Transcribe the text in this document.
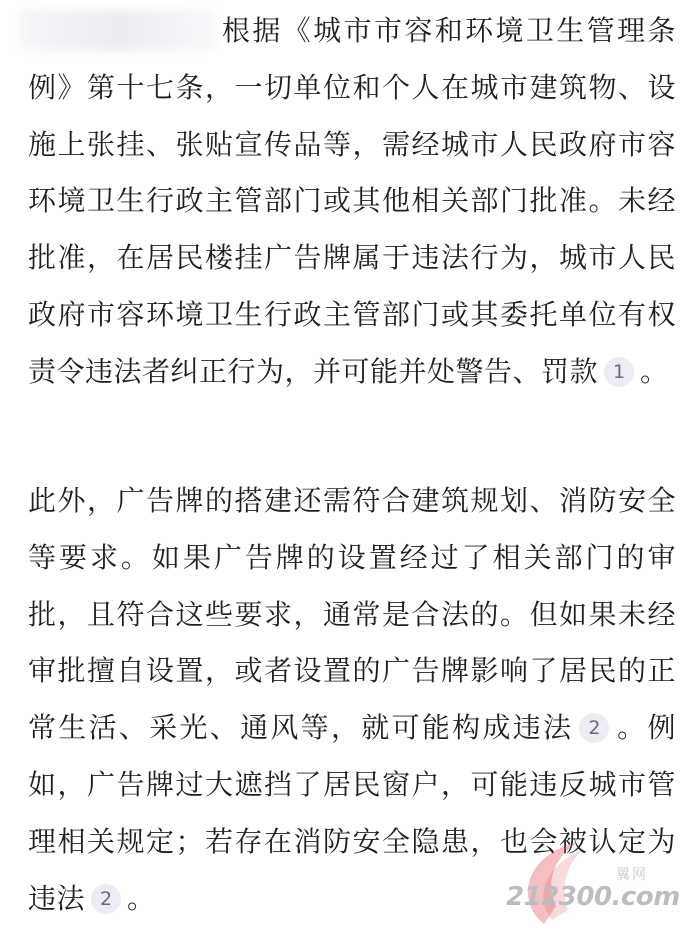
根据《城市市容和环境卫生管理条例》第十七条，一切单位和个人在城市建筑物、设施上张挂、张贴宣传品等，需经城市人民政府市容环境卫生行政主管部门或其他相关部门批准。未经批准，在居民楼挂广告牌属于违法行为，城市人民政府市容环境卫生行政主管部门或其委托单位有权责令违法者纠正行为，并可能并处警告、罚款 1 。

此外，广告牌的搭建还需符合建筑规划、消防安全等要求。如果广告牌的设置经过了相关部门的审批，且符合这些要求，通常是合法的。但如果未经审批擅自设置，或者设置的广告牌影响了居民的正常生活、采光、通风等，就可能构成违法 2 。例如，广告牌过大遮挡了居民窗户，可能违反城市管理相关规定；若存在消防安全隐患，也会被认定为违法 2 。

翼网
212300.com
